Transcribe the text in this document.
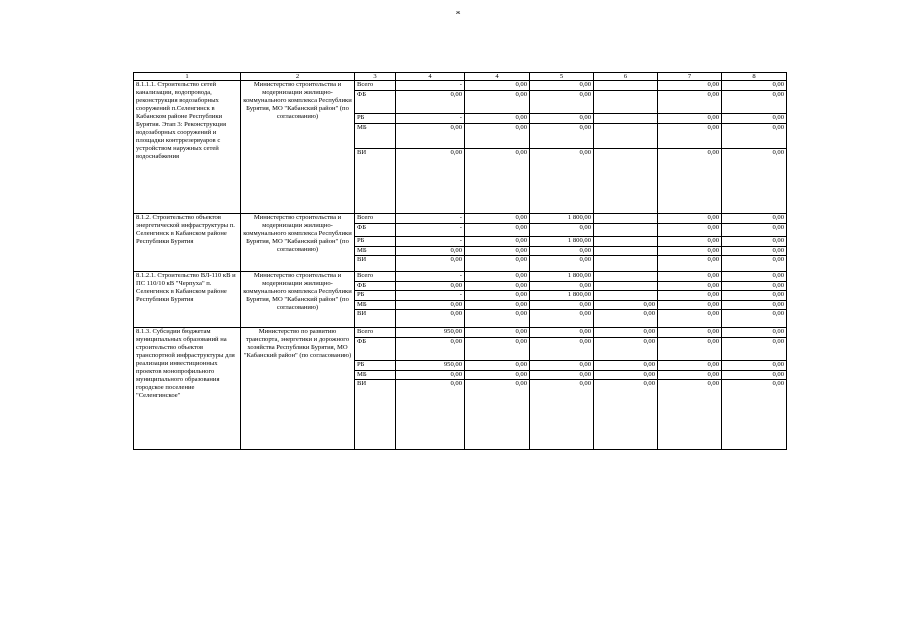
ж
1	2	3	4	4	5	6	7	8
8.1.1.1. Строительство сетей канализации, водопровода, реконструкция водозаборных сооружений п.Селенгинск в Кабанском районе Республики Бурятия. Этап 3: Реконструкция водозаборных сооружений и площадки контррезервуаров с устройством наружных сетей водоснабжения	Министерство строительства и модернизации жилищно-коммунального комплекса Республики Бурятия, МО "Кабанский район" (по согласованию)	Всего	-	0,00	0,00		0,00	0,00
		ФБ	0,00	0,00	0,00		0,00	0,00
		РБ	-	0,00	0,00		0,00	0,00
		МБ	0,00	0,00	0,00		0,00	0,00
		ВИ	0,00	0,00	0,00		0,00	0,00
8.1.2. Строительство объектов энергетической инфраструктуры п. Селенгинск в Кабанском районе Республики Бурятия	Министерство строительства и модернизации жилищно-коммунального комплекса Республики Бурятия, МО "Кабанский район" (по согласованию)	Всего	-	0,00	1 800,00		0,00	0,00
		ФБ	-	0,00	0,00		0,00	0,00
		РБ	-	0,00	1 800,00		0,00	0,00
		МБ	0,00	0,00	0,00		0,00	0,00
		ВИ	0,00	0,00	0,00		0,00	0,00
8.1.2.1. Строительство ВЛ-110 кВ и ПС 110/10 кВ "Черпуха" п. Селенгинск в Кабанском районе Республики Бурятия	Министерство строительства и модернизации жилищно-коммунального комплекса Республики Бурятия, МО "Кабанский район" (по согласованию)	Всего	-	0,00	1 800,00		0,00	0,00
		ФБ	0,00	0,00	0,00		0,00	0,00
		РБ	-	0,00	1 800,00		0,00	0,00
		МБ	0,00	0,00	0,00	0,00	0,00	0,00
		ВИ	0,00	0,00	0,00	0,00	0,00	0,00
8.1.3. Субсидии бюджетам муниципальных образований на строительство объектов транспортной инфраструктуры для реализации инвестиционных проектов монопрофильного муниципального образования городское поселение "Селенгинское"	Министерство по развитию транспорта, энергетики и дорожного хозяйства Республики Бурятия, МО "Кабанский район" (по согласованию)	Всего	950,00	0,00	0,00	0,00	0,00	0,00
		ФБ	0,00	0,00	0,00	0,00	0,00	0,00
		РБ	950,00	0,00	0,00	0,00	0,00	0,00
		МБ	0,00	0,00	0,00	0,00	0,00	0,00
		ВИ	0,00	0,00	0,00	0,00	0,00	0,00
